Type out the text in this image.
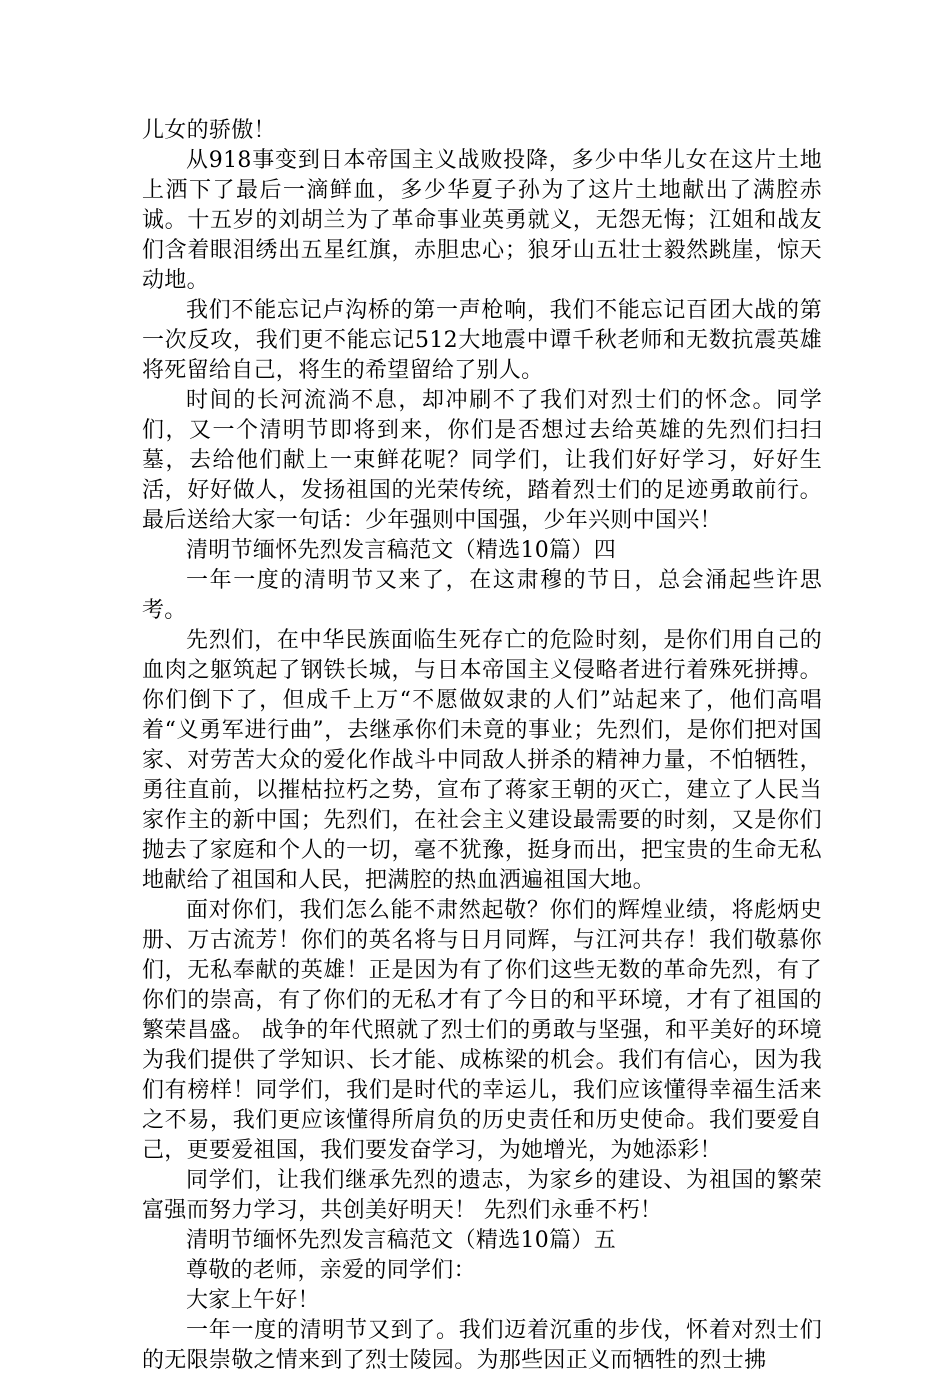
儿女的骄傲！

从918事变到日本帝国主义战败投降，多少中华儿女在这片土地上洒下了最后一滴鲜血，多少华夏子孙为了这片土地献出了满腔赤诚。十五岁的刘胡兰为了革命事业英勇就义，无怨无悔；江姐和战友们含着眼泪绣出五星红旗，赤胆忠心；狼牙山五壮士毅然跳崖，惊天动地。

我们不能忘记卢沟桥的第一声枪响，我们不能忘记百团大战的第一次反攻，我们更不能忘记512大地震中谭千秋老师和无数抗震英雄将死留给自己，将生的希望留给了别人。

时间的长河流淌不息，却冲刷不了我们对烈士们的怀念。同学们，又一个清明节即将到来，你们是否想过去给英雄的先烈们扫扫墓，去给他们献上一束鲜花呢？同学们，让我们好好学习，好好生活，好好做人，发扬祖国的光荣传统，踏着烈士们的足迹勇敢前行。最后送给大家一句话：少年强则中国强，少年兴则中国兴！

清明节缅怀先烈发言稿范文（精选10篇）四

一年一度的清明节又来了，在这肃穆的节日，总会涌起些许思考。

先烈们，在中华民族面临生死存亡的危险时刻，是你们用自己的血肉之躯筑起了钢铁长城，与日本帝国主义侵略者进行着殊死拼搏。你们倒下了，但成千上万“不愿做奴隶的人们”站起来了，他们高唱着“义勇军进行曲”，去继承你们未竟的事业；先烈们，是你们把对国家、对劳苦大众的爱化作战斗中同敌人拼杀的精神力量，不怕牺牲，勇往直前，以摧枯拉朽之势，宣布了蒋家王朝的灭亡，建立了人民当家作主的新中国；先烈们，在社会主义建设最需要的时刻，又是你们抛去了家庭和个人的一切，毫不犹豫，挺身而出，把宝贵的生命无私地献给了祖国和人民，把满腔的热血洒遍祖国大地。

面对你们，我们怎么能不肃然起敬？你们的辉煌业绩，将彪炳史册、万古流芳！你们的英名将与日月同辉，与江河共存！我们敬慕你们，无私奉献的英雄！正是因为有了你们这些无数的革命先烈，有了你们的崇高，有了你们的无私才有了今日的和平环境，才有了祖国的繁荣昌盛。 战争的年代照就了烈士们的勇敢与坚强，和平美好的环境为我们提供了学知识、长才能、成栋梁的机会。我们有信心，因为我们有榜样！同学们，我们是时代的幸运儿，我们应该懂得幸福生活来之不易，我们更应该懂得所肩负的历史责任和历史使命。我们要爱自己，更要爱祖国，我们要发奋学习，为她增光，为她添彩！

同学们，让我们继承先烈的遗志，为家乡的建设、为祖国的繁荣富强而努力学习，共创美好明天！ 先烈们永垂不朽！

清明节缅怀先烈发言稿范文（精选10篇）五

尊敬的老师，亲爱的同学们：

大家上午好！

一年一度的清明节又到了。我们迈着沉重的步伐，怀着对烈士们的无限崇敬之情来到了烈士陵园。为那些因正义而牺牲的烈士拂
